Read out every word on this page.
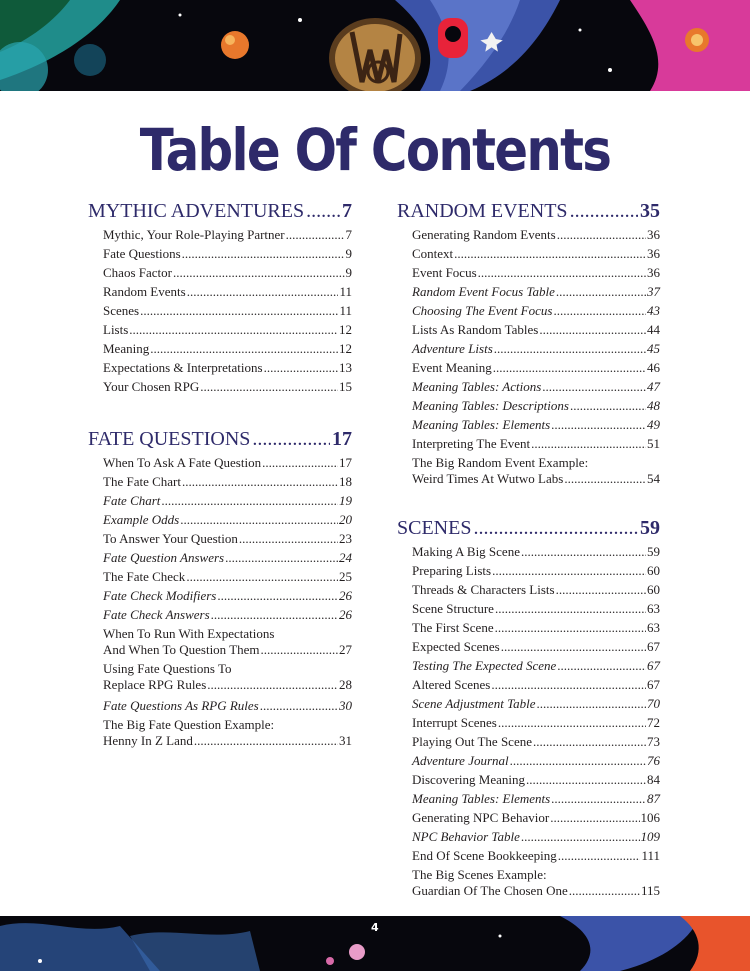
Table Of Contents
MYTHIC ADVENTURES ..... 7
Mythic, Your Role-Playing Partner .....	7
Fate Questions .....	9
Chaos Factor .....	9
Random Events .....	11
Scenes .....	11
Lists .....	12
Meaning .....	12
Expectations & Interpretations .....	13
Your Chosen RPG .....	15
FATE QUESTIONS .....	17
When To Ask A Fate Question .....	17
The Fate Chart .....	18
Fate Chart .....	19
Example Odds .....	20
To Answer Your Question .....	23
Fate Question Answers .....	24
The Fate Check .....	25
Fate Check Modifiers .....	26
Fate Check Answers .....	26
When To Run With Expectations
And When To Question Them .....	27
Using Fate Questions To
Replace RPG Rules .....	28
Fate Questions As RPG Rules .....	30
The Big Fate Question Example:
Henny In Z Land .....	31
RANDOM EVENTS .....	35
Generating Random Events .....	36
Context .....	36
Event Focus .....	36
Random Event Focus Table .....	37
Choosing The Event Focus .....	43
Lists As Random Tables .....	44
Adventure Lists .....	45
Event Meaning .....	46
Meaning Tables: Actions .....	47
Meaning Tables: Descriptions .....	48
Meaning Tables: Elements .....	49
Interpreting The Event .....	51
The Big Random Event Example:
Weird Times At Wutwo Labs .....	54
SCENES .....	59
Making A Big Scene .....	59
Preparing Lists .....	60
Threads & Characters Lists .....	60
Scene Structure .....	63
The First Scene .....	63
Expected Scenes .....	67
Testing The Expected Scene .....	67
Altered Scenes .....	67
Scene Adjustment Table .....	70
Interrupt Scenes .....	72
Playing Out The Scene .....	73
Adventure Journal .....	76
Discovering Meaning .....	84
Meaning Tables: Elements .....	87
Generating NPC Behavior .....	106
NPC Behavior Table .....	109
End Of Scene Bookkeeping .....	111
The Big Scenes Example:
Guardian Of The Chosen One .....	115
4
